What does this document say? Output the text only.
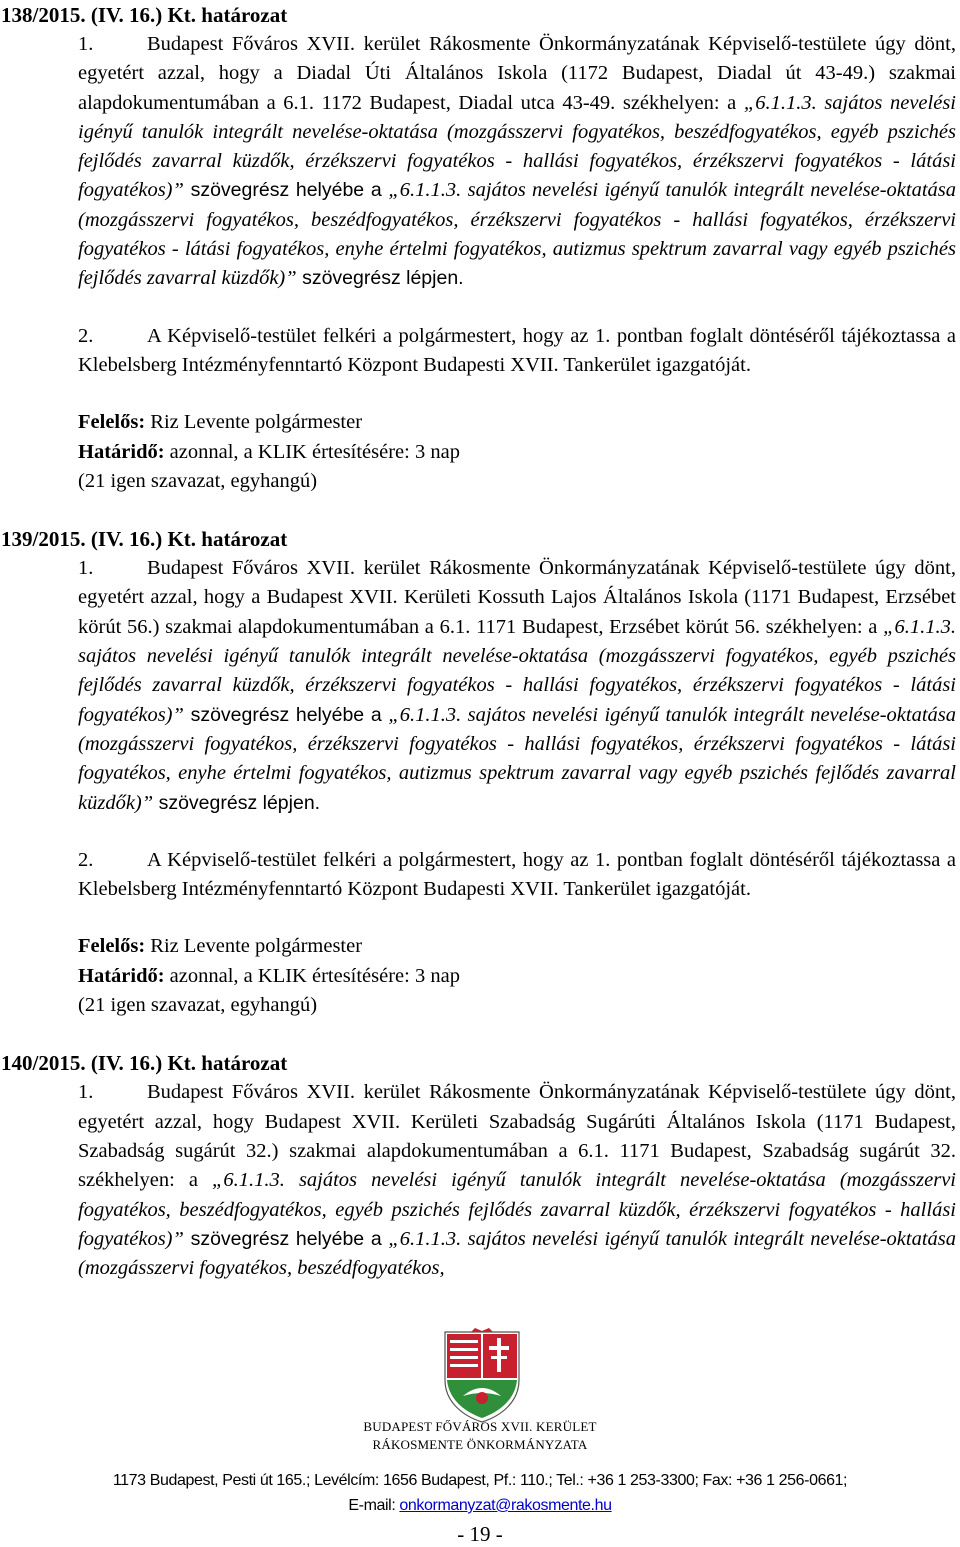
138/2015. (IV. 16.) Kt. határozat

1.	Budapest Főváros XVII. kerület Rákosmente Önkormányzatának Képviselő-testülete úgy dönt, egyetért azzal, hogy a Diadal Úti Általános Iskola (1172 Budapest, Diadal út 43-49.) szakmai alapdokumentumában a 6.1. 1172 Budapest, Diadal utca 43-49. székhelyen: a „6.1.1.3. sajátos nevelési igényű tanulók integrált nevelése-oktatása (mozgásszervi fogyatékos, beszédfogyatékos, egyéb pszichés fejlődés zavarral küzdők, érzékszervi fogyatékos - hallási fogyatékos, érzékszervi fogyatékos - látási fogyatékos)” szövegrész helyébe a „6.1.1.3. sajátos nevelési igényű tanulók integrált nevelése-oktatása (mozgásszervi fogyatékos, beszédfogyatékos, érzékszervi fogyatékos - hallási fogyatékos, érzékszervi fogyatékos - látási fogyatékos, enyhe értelmi fogyatékos, autizmus spektrum zavarral vagy egyéb pszichés fejlődés zavarral küzdők)” szövegrész lépjen.

2.	A Képviselő-testület felkéri a polgármestert, hogy az 1. pontban foglalt döntéséről tájékoztassa a Klebelsberg Intézményfenntartó Központ Budapesti XVII. Tankerület igazgatóját.

Felelős: Riz Levente polgármester

Határidő: azonnal, a KLIK értesítésére: 3 nap

(21 igen szavazat, egyhangú)

139/2015. (IV. 16.) Kt. határozat

1.	Budapest Főváros XVII. kerület Rákosmente Önkormányzatának Képviselő-testülete úgy dönt, egyetért azzal, hogy a Budapest XVII. Kerületi Kossuth Lajos Általános Iskola (1171 Budapest, Erzsébet körút 56.) szakmai alapdokumentumában a 6.1. 1171 Budapest, Erzsébet körút 56. székhelyen: a „6.1.1.3. sajátos nevelési igényű tanulók integrált nevelése-oktatása (mozgásszervi fogyatékos, egyéb pszichés fejlődés zavarral küzdők, érzékszervi fogyatékos - hallási fogyatékos, érzékszervi fogyatékos - látási fogyatékos)” szövegrész helyébe a „6.1.1.3. sajátos nevelési igényű tanulók integrált nevelése-oktatása (mozgásszervi fogyatékos, érzékszervi fogyatékos - hallási fogyatékos, érzékszervi fogyatékos - látási fogyatékos, enyhe értelmi fogyatékos, autizmus spektrum zavarral vagy egyéb pszichés fejlődés zavarral küzdők)” szövegrész lépjen.

2.	A Képviselő-testület felkéri a polgármestert, hogy az 1. pontban foglalt döntéséről tájékoztassa a Klebelsberg Intézményfenntartó Központ Budapesti XVII. Tankerület igazgatóját.

Felelős: Riz Levente polgármester

Határidő: azonnal, a KLIK értesítésére: 3 nap

(21 igen szavazat, egyhangú)

140/2015. (IV. 16.) Kt. határozat

1.	Budapest Főváros XVII. kerület Rákosmente Önkormányzatának Képviselő-testülete úgy dönt, egyetért azzal, hogy Budapest XVII. Kerületi Szabadság Sugárúti Általános Iskola (1171 Budapest, Szabadság sugárút 32.) szakmai alapdokumentumában a 6.1. 1171 Budapest, Szabadság sugárút 32. székhelyen: a „6.1.1.3. sajátos nevelési igényű tanulók integrált nevelése-oktatása (mozgásszervi fogyatékos, beszédfogyatékos, egyéb pszichés fejlődés zavarral küzdők, érzékszervi fogyatékos - hallási fogyatékos)” szövegrész helyébe a „6.1.1.3. sajátos nevelési igényű tanulók integrált nevelése-oktatása (mozgásszervi fogyatékos, beszédfogyatékos,

BUDAPEST FŐVÁROS XVII. KERÜLET
RÁKOSMENTE ÖNKORMÁNYZATA
1173 Budapest, Pesti út 165.; Levélcím: 1656 Budapest, Pf.: 110.; Tel.: +36 1 253-3300; Fax: +36 1 256-0661;
E-mail: onkormanyzat@rakosmente.hu
- 19 -
